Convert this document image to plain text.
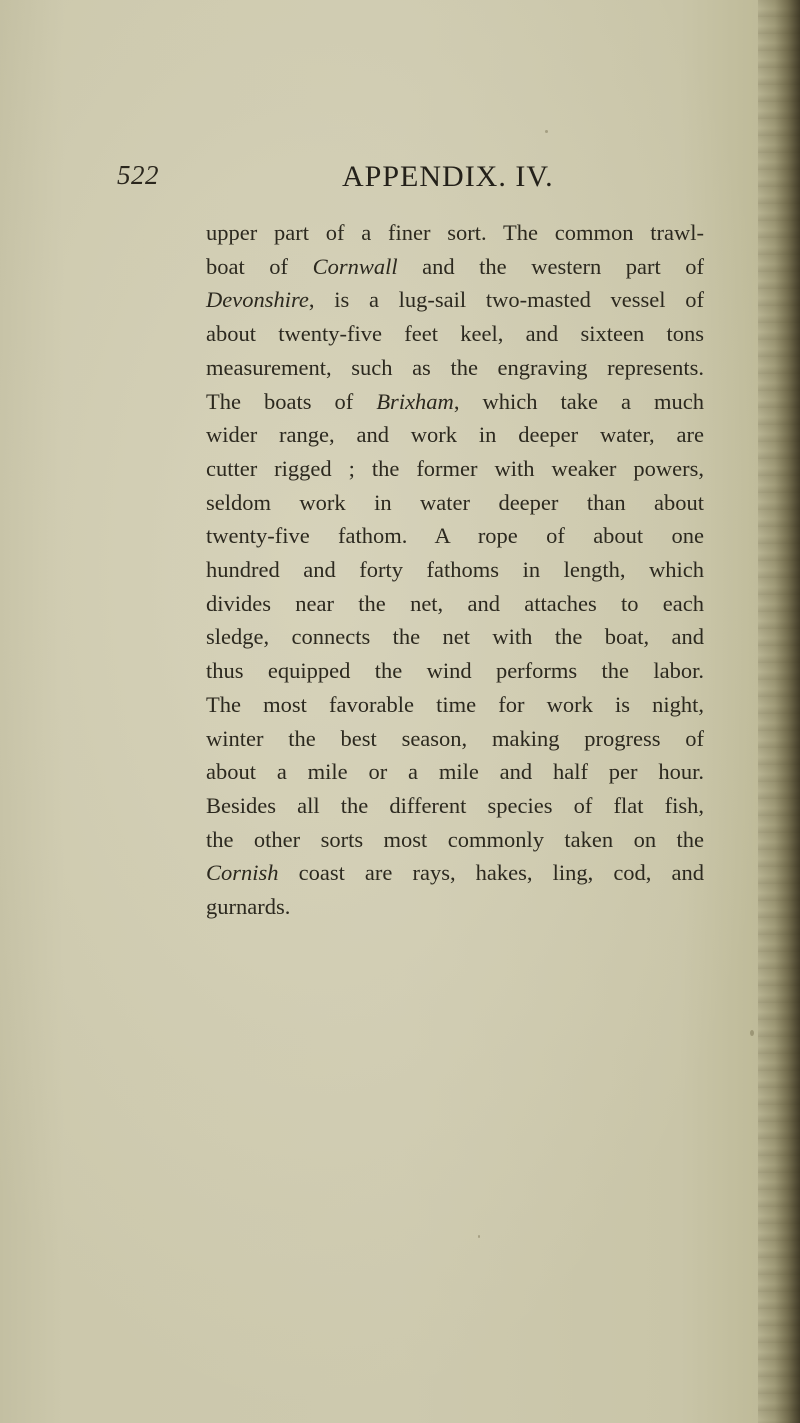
522	APPENDIX. IV.
upper part of a finer sort. The common trawl-
boat of Cornwall and the western part of
Devonshire, is a lug-sail two-masted vessel of
about twenty-five feet keel, and sixteen tons
measurement, such as the engraving represents.
The boats of Brixham, which take a much
wider range, and work in deeper water, are
cutter rigged ; the former with weaker powers,
seldom work in water deeper than about
twenty-five fathom. A rope of about one
hundred and forty fathoms in length, which
divides near the net, and attaches to each
sledge, connects the net with the boat, and
thus equipped the wind performs the labor.
The most favorable time for work is night,
winter the best season, making progress of
about a mile or a mile and half per hour.
Besides all the different species of flat fish,
the other sorts most commonly taken on the
Cornish coast are rays, hakes, ling, cod, and
gurnards.
